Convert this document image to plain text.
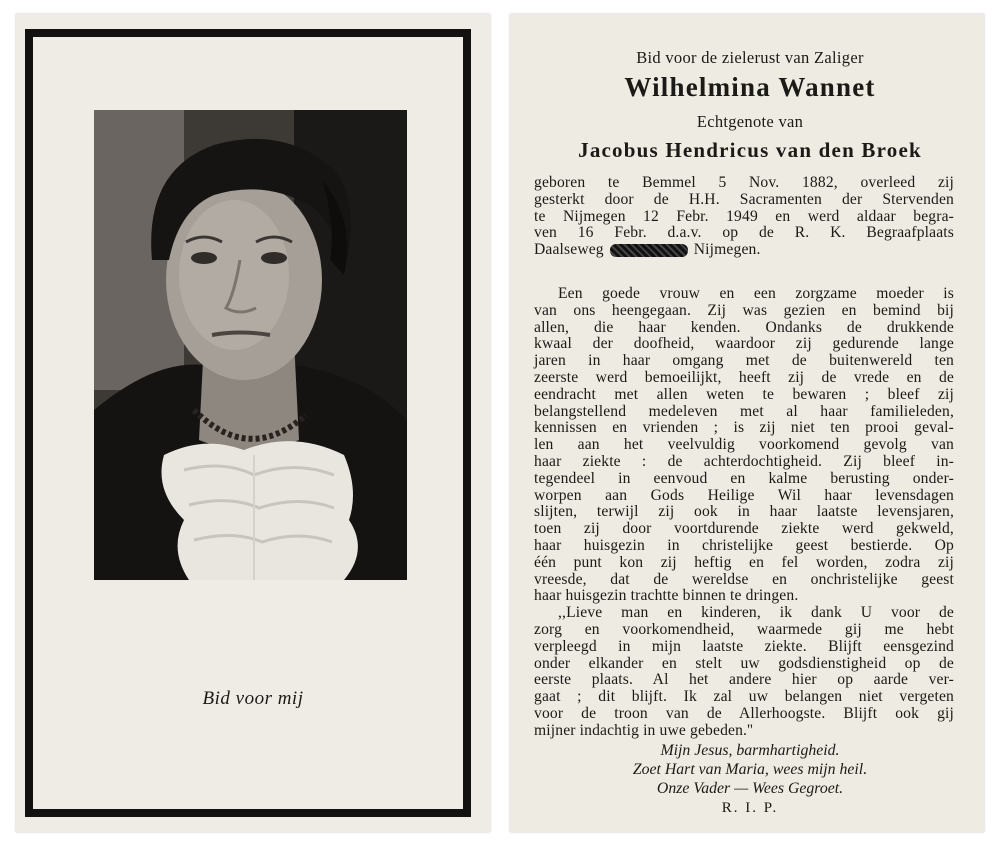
Bid voor mij
Bid voor de zielerust van Zaliger
Wilhelmina Wannet
Echtgenote van
Jacobus Hendricus van den Broek
geboren te Bemmel 5 Nov. 1882, overleed zij
gesterkt door de H.H. Sacramenten der Stervenden
te Nijmegen 12 Febr. 1949 en werd aldaar begra-
ven 16 Febr. d.a.v. op de R. K. Begraafplaats
Daalseweg	Nijmegen.
Een goede vrouw en een zorgzame moeder is
van ons heengegaan. Zij was gezien en bemind bij
allen, die haar kenden. Ondanks de drukkende
kwaal der doofheid, waardoor zij gedurende lange
jaren in haar omgang met de buitenwereld ten
zeerste werd bemoeilijkt, heeft zij de vrede en de
eendracht met allen weten te bewaren ; bleef zij
belangstellend medeleven met al haar familieleden,
kennissen en vrienden ; is zij niet ten prooi geval-
len aan het veelvuldig voorkomend gevolg van
haar ziekte : de achterdochtigheid. Zij bleef in-
tegendeel in eenvoud en kalme berusting onder-
worpen aan Gods Heilige Wil haar levensdagen
slijten, terwijl zij ook in haar laatste levensjaren,
toen zij door voortdurende ziekte werd gekweld,
haar huisgezin in christelijke geest bestierde. Op
één punt kon zij heftig en fel worden, zodra zij
vreesde, dat de wereldse en onchristelijke geest
haar huisgezin trachtte binnen te dringen.
,,Lieve man en kinderen, ik dank U voor de
zorg en voorkomendheid, waarmede gij me hebt
verpleegd in mijn laatste ziekte. Blijft eensgezind
onder elkander en stelt uw godsdienstigheid op de
eerste plaats. Al het andere hier op aarde ver-
gaat ; dit blijft. Ik zal uw belangen niet vergeten
voor de troon van de Allerhoogste. Blijft ook gij
mijner indachtig in uwe gebeden.''
Mijn Jesus, barmhartigheid.
Zoet Hart van Maria, wees mijn heil.
Onze Vader — Wees Gegroet.
R. I. P.
